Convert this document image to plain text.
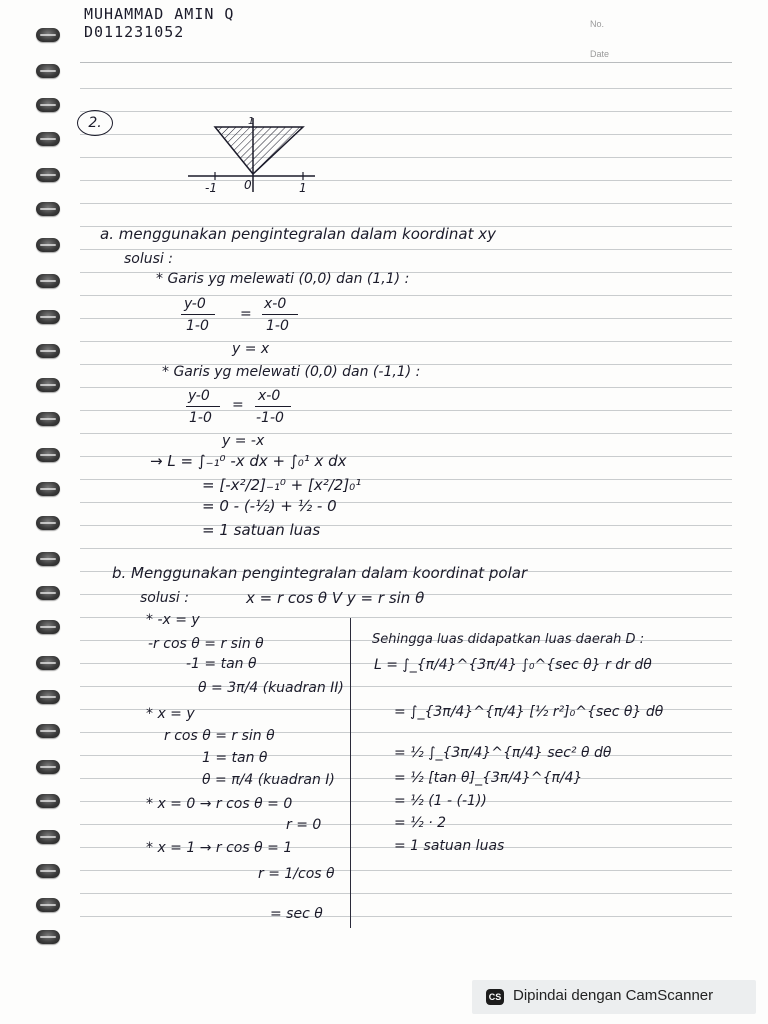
MUHAMMAD AMIN Q
D011231052	No.
Date
2.
-1 0	1
1
a. menggunakan pengintegralan dalam koordinat xy
solusi :
* Garis yg melewati (0,0) dan (1,1) :
y-0
1-0
=
x-0
1-0
y = x
* Garis yg melewati (0,0) dan (-1,1) :
y-0
1-0
=
x-0
-1-0
y = -x
→ L = ∫₋₁⁰ -x dx + ∫₀¹ x dx
= [-x²/2]₋₁⁰ + [x²/2]₀¹
= 0 - (-½) + ½ - 0
= 1 satuan luas
b. Menggunakan pengintegralan dalam koordinat polar
solusi :	x = r cos θ V y = r sin θ
* -x = y
-r cos θ = r sin θ
-1 = tan θ
θ = 3π/4 (kuadran II)
* x = y
r cos θ = r sin θ
1 = tan θ
θ = π/4 (kuadran I)
* x = 0 → r cos θ = 0
r = 0
* x = 1 → r cos θ = 1
r = 1/cos θ
= sec θ
Sehingga luas didapatkan luas daerah D :
L = ∫_{π/4}^{3π/4} ∫₀^{sec θ} r dr dθ
= ∫_{3π/4}^{π/4} [½ r²]₀^{sec θ} dθ
= ½ ∫_{3π/4}^{π/4} sec² θ dθ
= ½ [tan θ]_{3π/4}^{π/4}
= ½ (1 - (-1))
= ½ · 2
= 1 satuan luas
CS Dipindai dengan CamScanner
